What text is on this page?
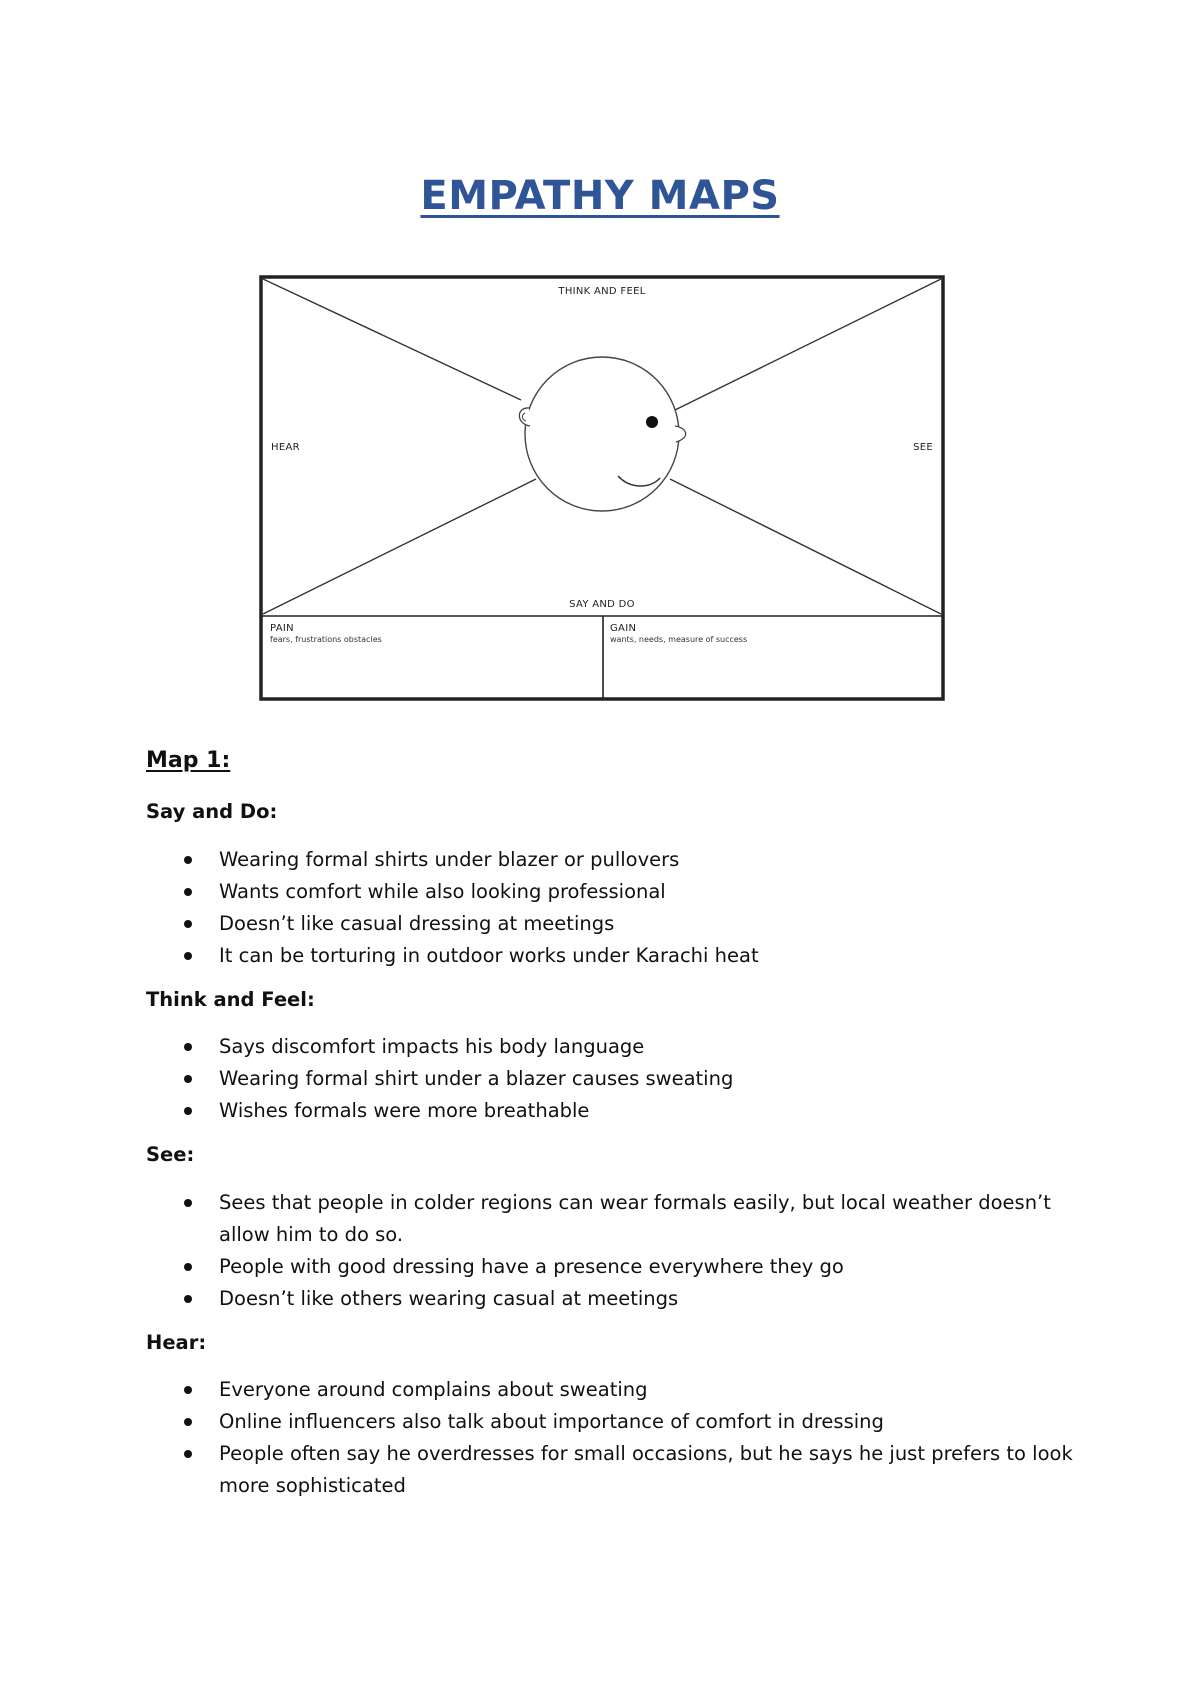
EMPATHY MAPS
THINK AND FEEL
HEAR	SEE
SAY AND DO
PAIN
fears, frustrations obstacles
GAIN
wants, needs, measure of success
Map 1:
Say and Do:
Wearing formal shirts under blazer or pullovers
Wants comfort while also looking professional
Doesn’t like casual dressing at meetings
It can be torturing in outdoor works under Karachi heat
Think and Feel:
Says discomfort impacts his body language
Wearing formal shirt under a blazer causes sweating
Wishes formals were more breathable
See:
Sees that people in colder regions can wear formals easily, but local weather doesn’t allow him to do so.
People with good dressing have a presence everywhere they go
Doesn’t like others wearing casual at meetings
Hear:
Everyone around complains about sweating
Online influencers also talk about importance of comfort in dressing
People often say he overdresses for small occasions, but he says he just prefers to look more sophisticated
